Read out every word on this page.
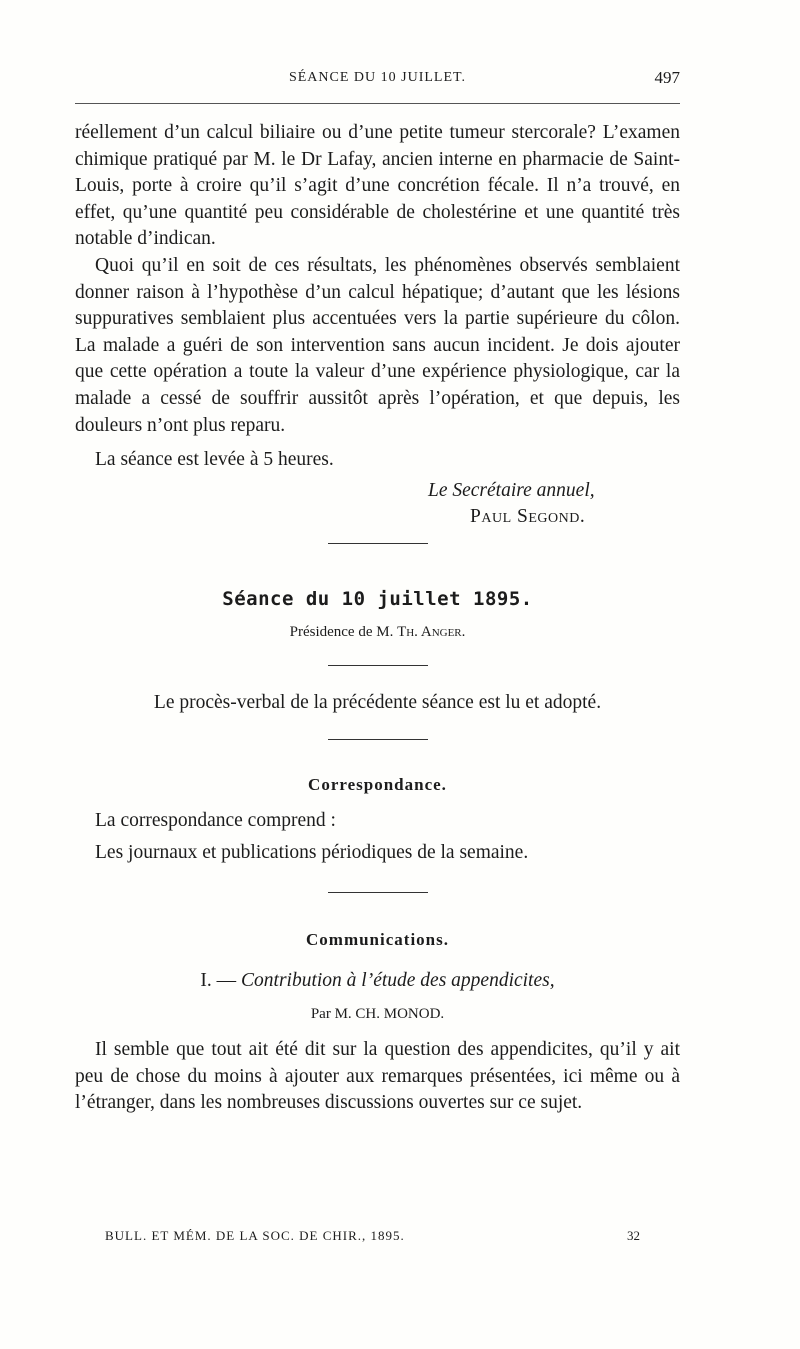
SÉANCE DU 10 JUILLET.	497

réellement d’un calcul biliaire ou d’une petite tumeur stercorale? L’examen chimique pratiqué par M. le Dr Lafay, ancien interne en pharmacie de Saint-Louis, porte à croire qu’il s’agit d’une concrétion fécale. Il n’a trouvé, en effet, qu’une quantité peu considérable de cholestérine et une quantité très notable d’indican.

Quoi qu’il en soit de ces résultats, les phénomènes observés semblaient donner raison à l’hypothèse d’un calcul hépatique; d’autant que les lésions suppuratives semblaient plus accentuées vers la partie supérieure du côlon. La malade a guéri de son intervention sans aucun incident. Je dois ajouter que cette opération a toute la valeur d’une expérience physiologique, car la malade a cessé de souffrir aussitôt après l’opération, et que depuis, les douleurs n’ont plus reparu.

La séance est levée à 5 heures.

Le Secrétaire annuel,
Paul Segond.
Séance du 10 juillet 1895.
Présidence de M. Th. Anger.
Le procès-verbal de la précédente séance est lu et adopté.
Correspondance.

La correspondance comprend :

Les journaux et publications périodiques de la semaine.

Communications.
I. — Contribution à l’étude des appendicites,
Par M. CH. MONOD.

Il semble que tout ait été dit sur la question des appendicites, qu’il y ait peu de chose du moins à ajouter aux remarques présentées, ici même ou à l’étranger, dans les nombreuses discussions ouvertes sur ce sujet.

BULL. ET MÉM. DE LA SOC. DE CHIR., 1895.	32
